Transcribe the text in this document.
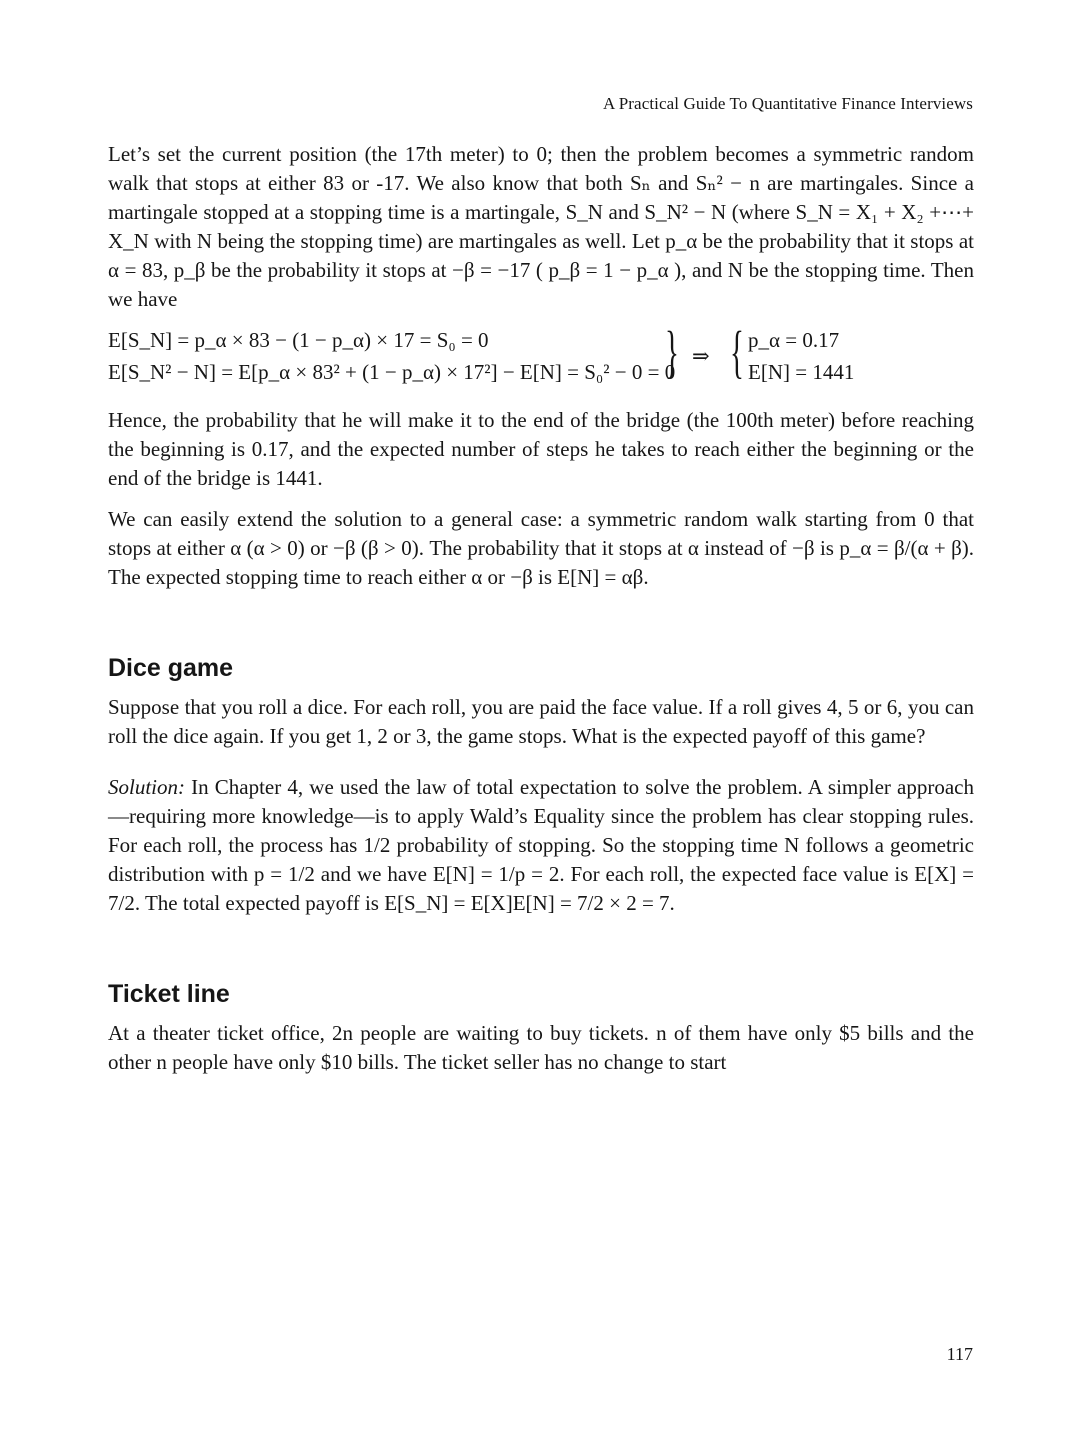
A Practical Guide To Quantitative Finance Interviews

Let’s set the current position (the 17th meter) to 0; then the problem becomes a symmetric random walk that stops at either 83 or -17. We also know that both Sₙ and Sₙ² − n are martingales. Since a martingale stopped at a stopping time is a martingale, S_N and S_N² − N (where S_N = X₁ + X₂ +⋯+ X_N with N being the stopping time) are martingales as well. Let p_α be the probability that it stops at α = 83, p_β be the probability it stops at −β = −17 ( p_β = 1 − p_α ), and N be the stopping time. Then we have

E[S_N] = p_α × 83 − (1 − p_α) × 17 = S₀ = 0
E[S_N² − N] = E[p_α × 83² + (1 − p_α) × 17²] − E[N] = S₀² − 0 = 0
} ⇒ { p_α = 0.17
E[N] = 1441

Hence, the probability that he will make it to the end of the bridge (the 100th meter) before reaching the beginning is 0.17, and the expected number of steps he takes to reach either the beginning or the end of the bridge is 1441.

We can easily extend the solution to a general case: a symmetric random walk starting from 0 that stops at either α (α > 0) or −β (β > 0). The probability that it stops at α instead of −β is p_α = β/(α + β). The expected stopping time to reach either α or −β is E[N] = αβ.

Dice game

Suppose that you roll a dice. For each roll, you are paid the face value. If a roll gives 4, 5 or 6, you can roll the dice again. If you get 1, 2 or 3, the game stops. What is the expected payoff of this game?

Solution: In Chapter 4, we used the law of total expectation to solve the problem. A simpler approach—requiring more knowledge—is to apply Wald’s Equality since the problem has clear stopping rules. For each roll, the process has 1/2 probability of stopping. So the stopping time N follows a geometric distribution with p = 1/2 and we have E[N] = 1/p = 2. For each roll, the expected face value is E[X] = 7/2. The total expected payoff is E[S_N] = E[X]E[N] = 7/2 × 2 = 7.

Ticket line

At a theater ticket office, 2n people are waiting to buy tickets. n of them have only $5 bills and the other n people have only $10 bills. The ticket seller has no change to start

117
